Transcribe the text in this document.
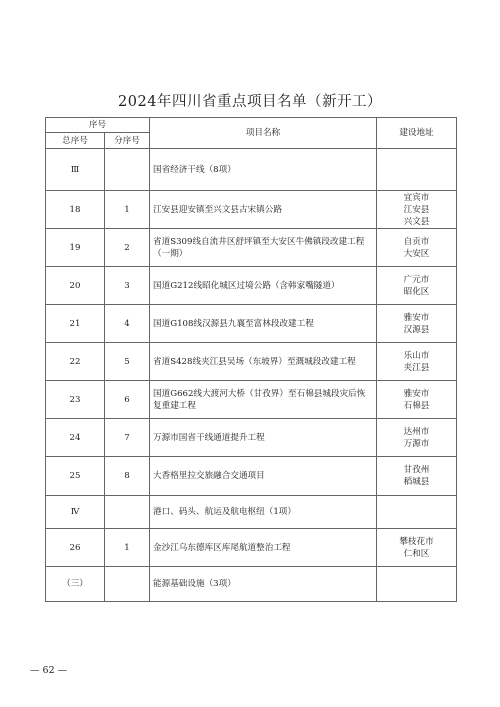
2024年四川省重点项目名单（新开工）
序号		项目名称	建设地址
总序号	分序号		
Ⅲ		国省经济干线（8项）	
18	1	江安县迎安镇至兴文县古宋镇公路	宜宾市
江安县
兴文县
19	2	省道S309线自流井区舒坪镇至大安区牛佛镇段改建工程（一期）	自贡市
大安区
20	3	国道G212线昭化城区过境公路（含韩家嘴隧道）	广元市
昭化区
21	4	国道G108线汉源县九襄至富林段改建工程	雅安市
汉源县
22	5	省道S428线夹江县吴场（东坡界）至溉城段改建工程	乐山市
夹江县
23	6	国道G662线大渡河大桥（甘孜界）至石棉县城段灾后恢复重建工程	雅安市
石棉县
24	7	万源市国省干线通道提升工程	达州市
万源市
25	8	大香格里拉交旅融合交通项目	甘孜州
稻城县
Ⅳ		港口、码头、航运及航电枢纽（1项）	
26	1	金沙江乌东德库区库尾航道整治工程	攀枝花市
仁和区
（三）		能源基础设施（3项）	
— 62 —
